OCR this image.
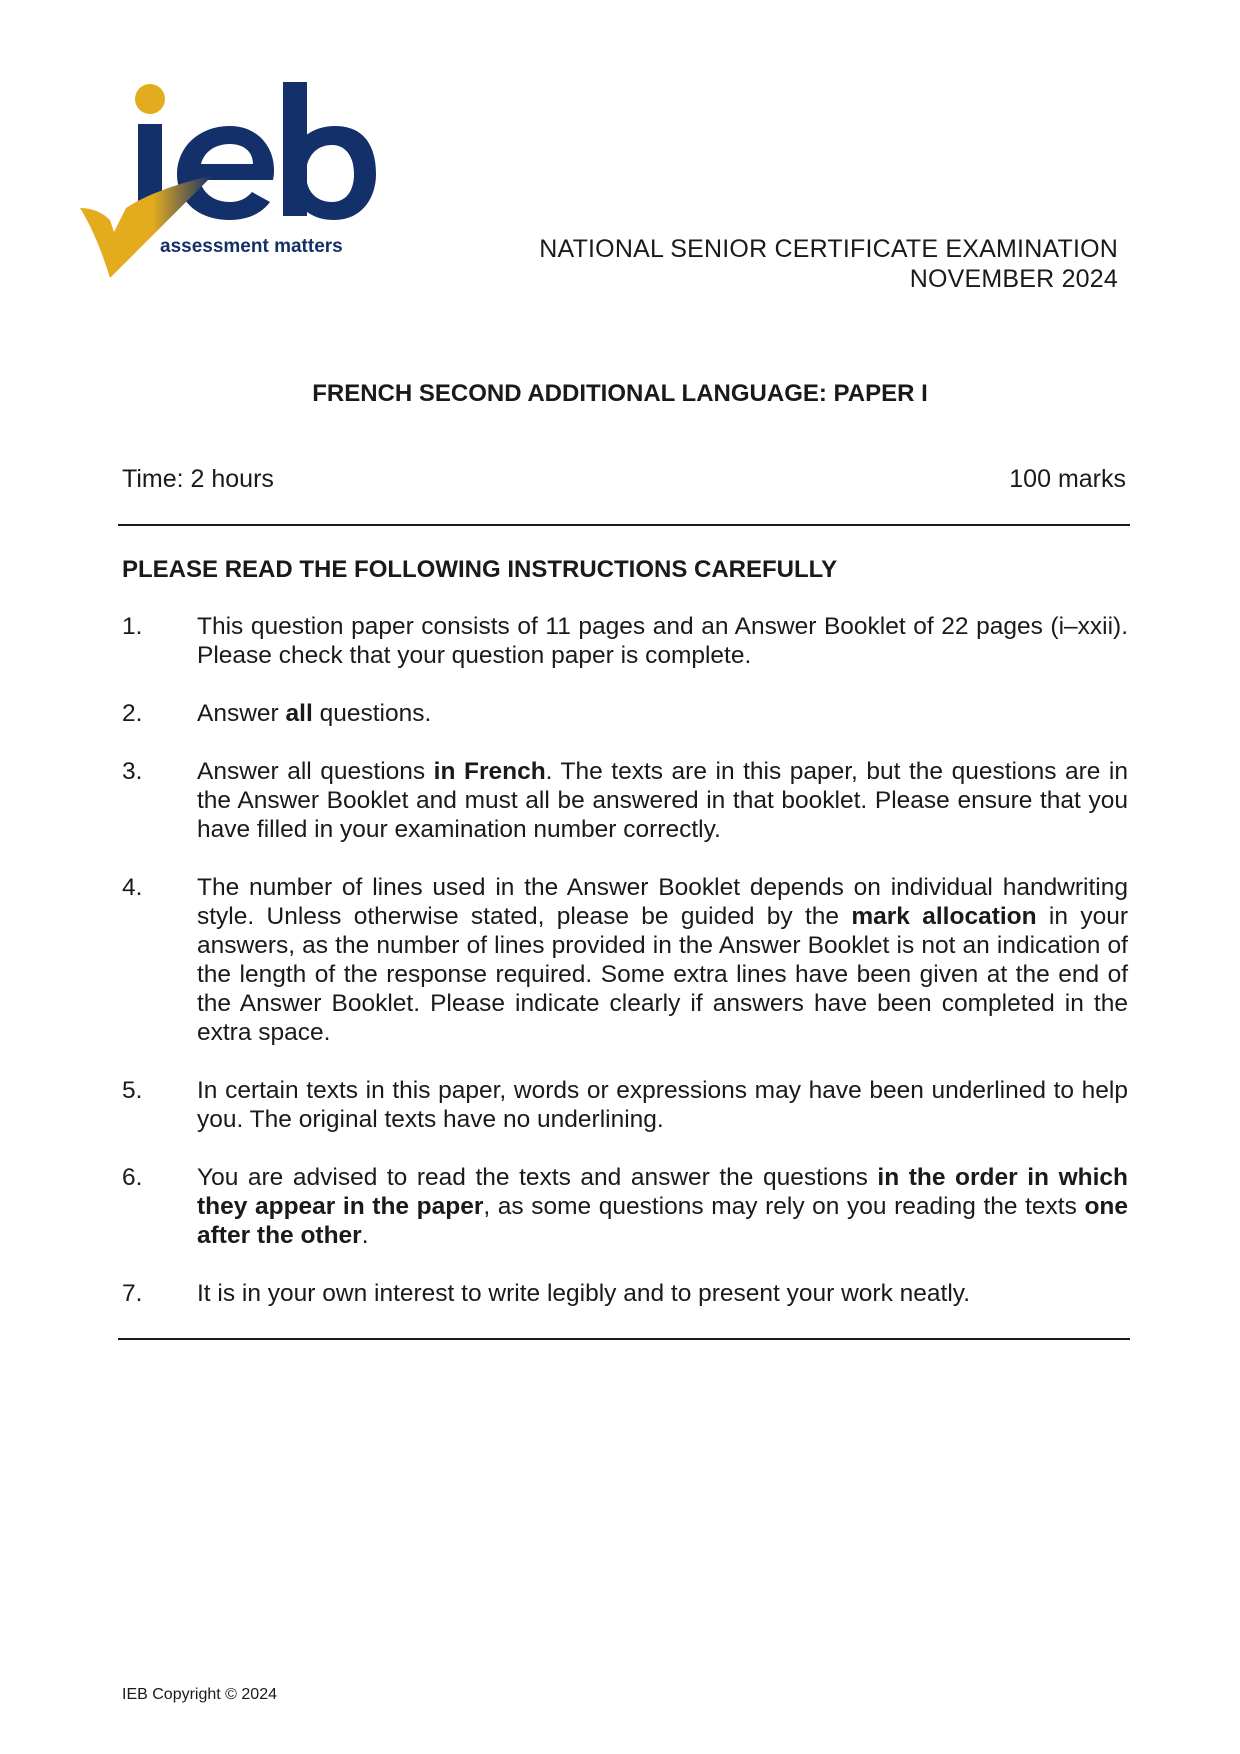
assessment matters	NATIONAL SENIOR CERTIFICATE EXAMINATION
NOVEMBER 2024
FRENCH SECOND ADDITIONAL LANGUAGE: PAPER I
Time: 2 hours	100 marks
PLEASE READ THE FOLLOWING INSTRUCTIONS CAREFULLY
1.	This question paper consists of 11 pages and an Answer Booklet of 22 pages (i–xxii). Please check that your question paper is complete.
2.	Answer all questions.
3.	Answer all questions in French. The texts are in this paper, but the questions are in the Answer Booklet and must all be answered in that booklet. Please ensure that you have filled in your examination number correctly.
4.	The number of lines used in the Answer Booklet depends on individual handwriting style. Unless otherwise stated, please be guided by the mark allocation in your answers, as the number of lines provided in the Answer Booklet is not an indication of the length of the response required. Some extra lines have been given at the end of the Answer Booklet. Please indicate clearly if answers have been completed in the extra space.
5.	In certain texts in this paper, words or expressions may have been underlined to help you. The original texts have no underlining.
6.	You are advised to read the texts and answer the questions in the order in which they appear in the paper, as some questions may rely on you reading the texts one after the other.
7.	It is in your own interest to write legibly and to present your work neatly.
IEB Copyright © 2024
